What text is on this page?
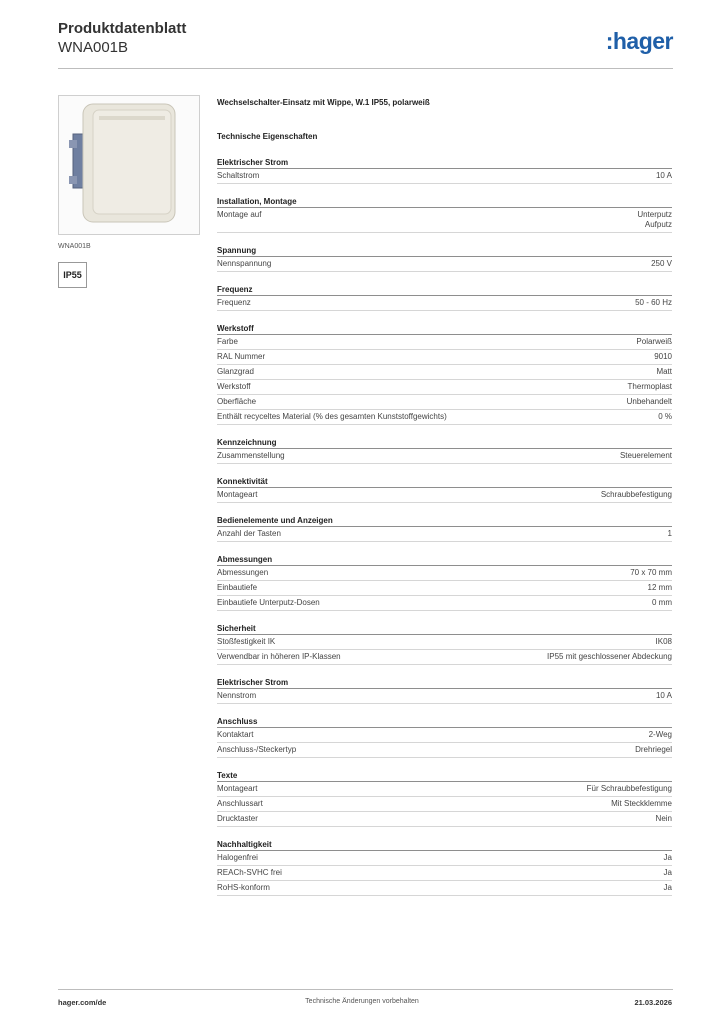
Produktdatenblatt
WNA001B	:hager
WNA001B
IP55
Wechselschalter-Einsatz mit Wippe, W.1 IP55, polarweiß
Technische Eigenschaften
Elektrischer Strom
Schaltstrom	10 A
Installation, Montage
Montage auf	Unterputz
Aufputz
Spannung
Nennspannung	250 V
Frequenz
Frequenz	50 - 60 Hz
Werkstoff
Farbe	Polarweiß
RAL Nummer	9010
Glanzgrad	Matt
Werkstoff	Thermoplast
Oberfläche	Unbehandelt
Enthält recyceltes Material (% des gesamten Kunststoffgewichts)	0 %
Kennzeichnung
Zusammenstellung	Steuerelement
Konnektivität
Montageart	Schraubbefestigung
Bedienelemente und Anzeigen
Anzahl der Tasten	1
Abmessungen
Abmessungen	70 x 70 mm
Einbautiefe	12 mm
Einbautiefe Unterputz-Dosen	0 mm
Sicherheit
Stoßfestigkeit IK	IK08
Verwendbar in höheren IP-Klassen	IP55 mit geschlossener Abdeckung
Elektrischer Strom
Nennstrom	10 A
Anschluss
Kontaktart	2-Weg
Anschluss-/Steckertyp	Drehriegel
Texte
Montageart	Für Schraubbefestigung
Anschlussart	Mit Steckklemme
Drucktaster	Nein
Nachhaltigkeit
Halogenfrei	Ja
REACh-SVHC frei	Ja
RoHS-konform	Ja
hager.com/de	Technische Änderungen vorbehalten	21.03.2026
